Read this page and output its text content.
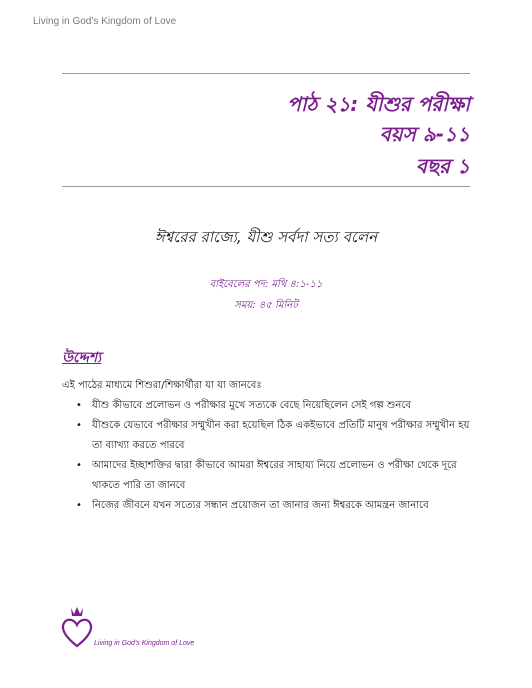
Living in God’s Kingdom of Love
পাঠ ২১: যীশুর পরীক্ষা
বয়স ৯-১১
বছর ১
ঈশ্বরের রাজ্যে, যীশু সর্বদা সত্য বলেন
বাইবেলের পদ: মথি ৪:১-১১
সময়: ৪৫ মিনিট
উদ্দেশ্য
এই পাঠের মাধ্যমে শিশুরা/শিক্ষার্থীরা যা যা জানবেঃ
• যীশু কীভাবে প্রলোভন ও পরীক্ষার মুখে সত্যকে বেছে নিয়েছিলেন সেই গল্প শুনবে
• যীশুকে যেভাবে পরীক্ষার সম্মুখীন করা হয়েছিল ঠিক একইভাবে প্রতিটি মানুষ পরীক্ষার সম্মুখীন হয় তা ব্যাখ্যা করতে পারবে
• আমাদের ইচ্ছাশক্তির দ্বারা কীভাবে আমরা ঈশ্বরের সাহায্য নিয়ে প্রলোভন ও পরীক্ষা থেকে দূরে থাকতে পারি তা জানবে
• নিজের জীবনে যখন সত্যের সন্ধান প্রয়োজন তা জানার জন্য ঈশ্বরকে আমন্ত্রন জানাবে
Living in God’s Kingdom of Love
